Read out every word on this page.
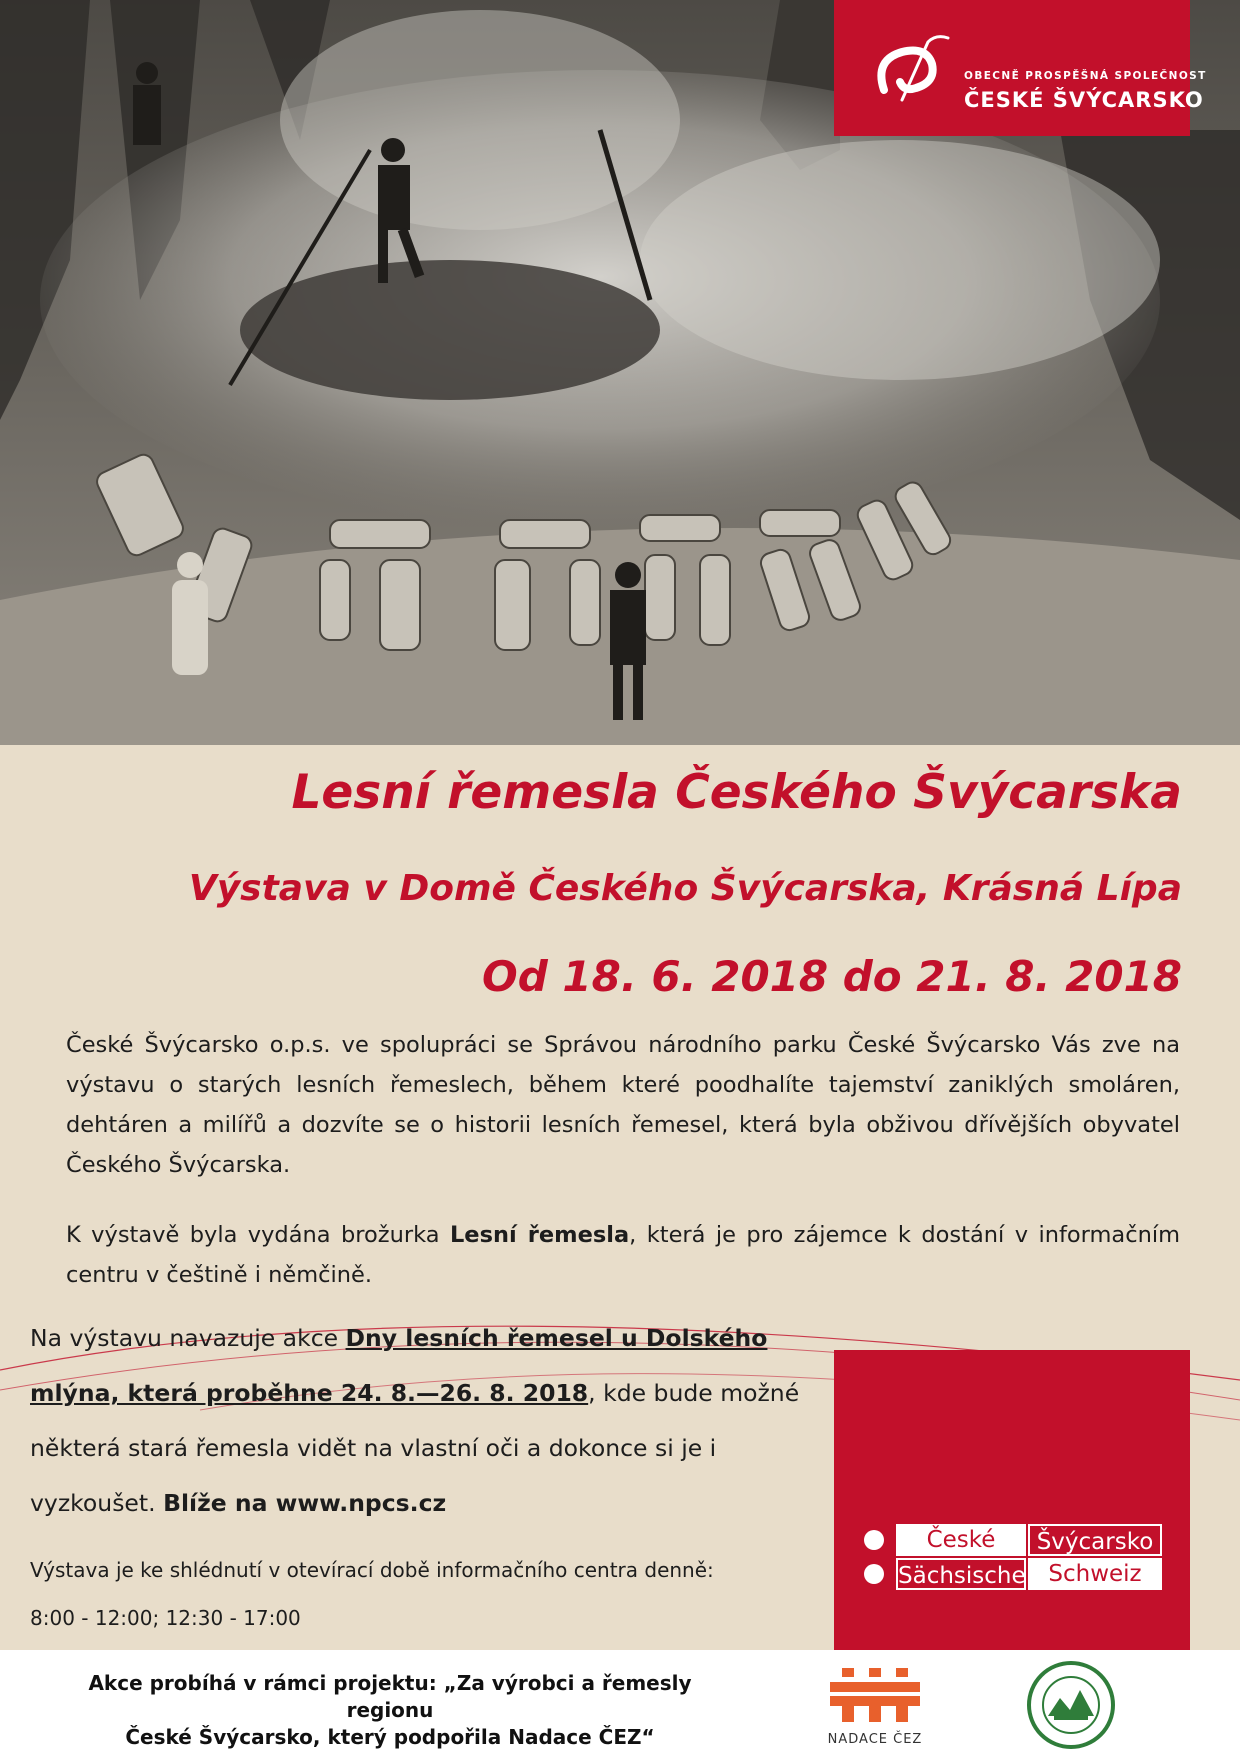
OBECNĚ PROSPĚŠNÁ SPOLEČNOST
ČESKÉ ŠVÝCARSKO
Lesní řemesla Českého Švýcarska
Výstava v Domě Českého Švýcarska, Krásná Lípa
Od 18. 6. 2018 do 21. 8. 2018
České Švýcarsko o.p.s. ve spolupráci se Správou národního parku České Švýcarsko Vás zve na výstavu o starých lesních řemeslech, během které poodhalíte tajemství zaniklých smoláren, dehtáren a milířů a dozvíte se o historii lesních řemesel, která byla obživou dřívějších obyvatel Českého Švýcarska.
K výstavě byla vydána brožurka Lesní řemesla, která je pro zájemce k dostání v informačním centru v češtině i němčině.
Na výstavu navazuje akce Dny lesních řemesel u Dolského mlýna, která proběhne 24. 8.—26. 8. 2018, kde bude možné některá stará řemesla vidět na vlastní oči a dokonce si je i vyzkoušet. Blíže na www.npcs.cz
Výstava je ke shlédnutí v otevírací době informačního centra denně:
8:00 - 12:00; 12:30 - 17:00
České	Švýcarsko
Sächsische Schweiz
Akce probíhá v rámci projektu: „Za výrobci a řemesly regionu
České Švýcarsko, který podpořila Nadace ČEZ“	NADACE ČEZ
